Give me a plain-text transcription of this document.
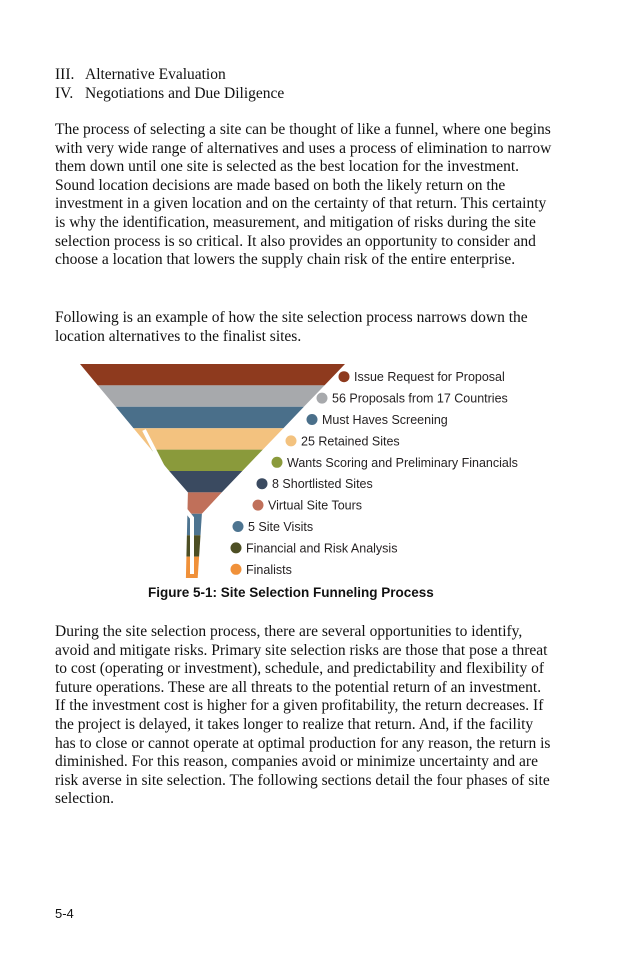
III. Alternative Evaluation
IV. Negotiations and Due Diligence

The process of selecting a site can be thought of like a funnel, where one begins with very wide range of alternatives and uses a process of elimination to narrow them down until one site is selected as the best location for the investment. Sound location decisions are made based on both the likely return on the investment in a given location and on the certainty of that return. This certainty is why the identification, measurement, and mitigation of risks during the site selection process is so critical. It also provides an opportunity to consider and choose a location that lowers the supply chain risk of the entire enterprise.

Following is an example of how the site selection process narrows down the location alternatives to the finalist sites.

Issue Request for Proposal
56 Proposals from 17 Countries
Must Haves Screening
25 Retained Sites
Wants Scoring and Preliminary Financials
8 Shortlisted Sites
Virtual Site Tours
5 Site Visits
Financial and Risk Analysis
Finalists
Figure 5-1: Site Selection Funneling Process

During the site selection process, there are several opportunities to identify, avoid and mitigate risks. Primary site selection risks are those that pose a threat to cost (operating or investment), schedule, and predictability and flexibility of future operations. These are all threats to the potential return of an investment. If the investment cost is higher for a given profitability, the return decreases. If the project is delayed, it takes longer to realize that return. And, if the facility has to close or cannot operate at optimal production for any reason, the return is diminished. For this reason, companies avoid or minimize uncertainty and are risk averse in site selection. The following sections detail the four phases of site selection.

5-4
